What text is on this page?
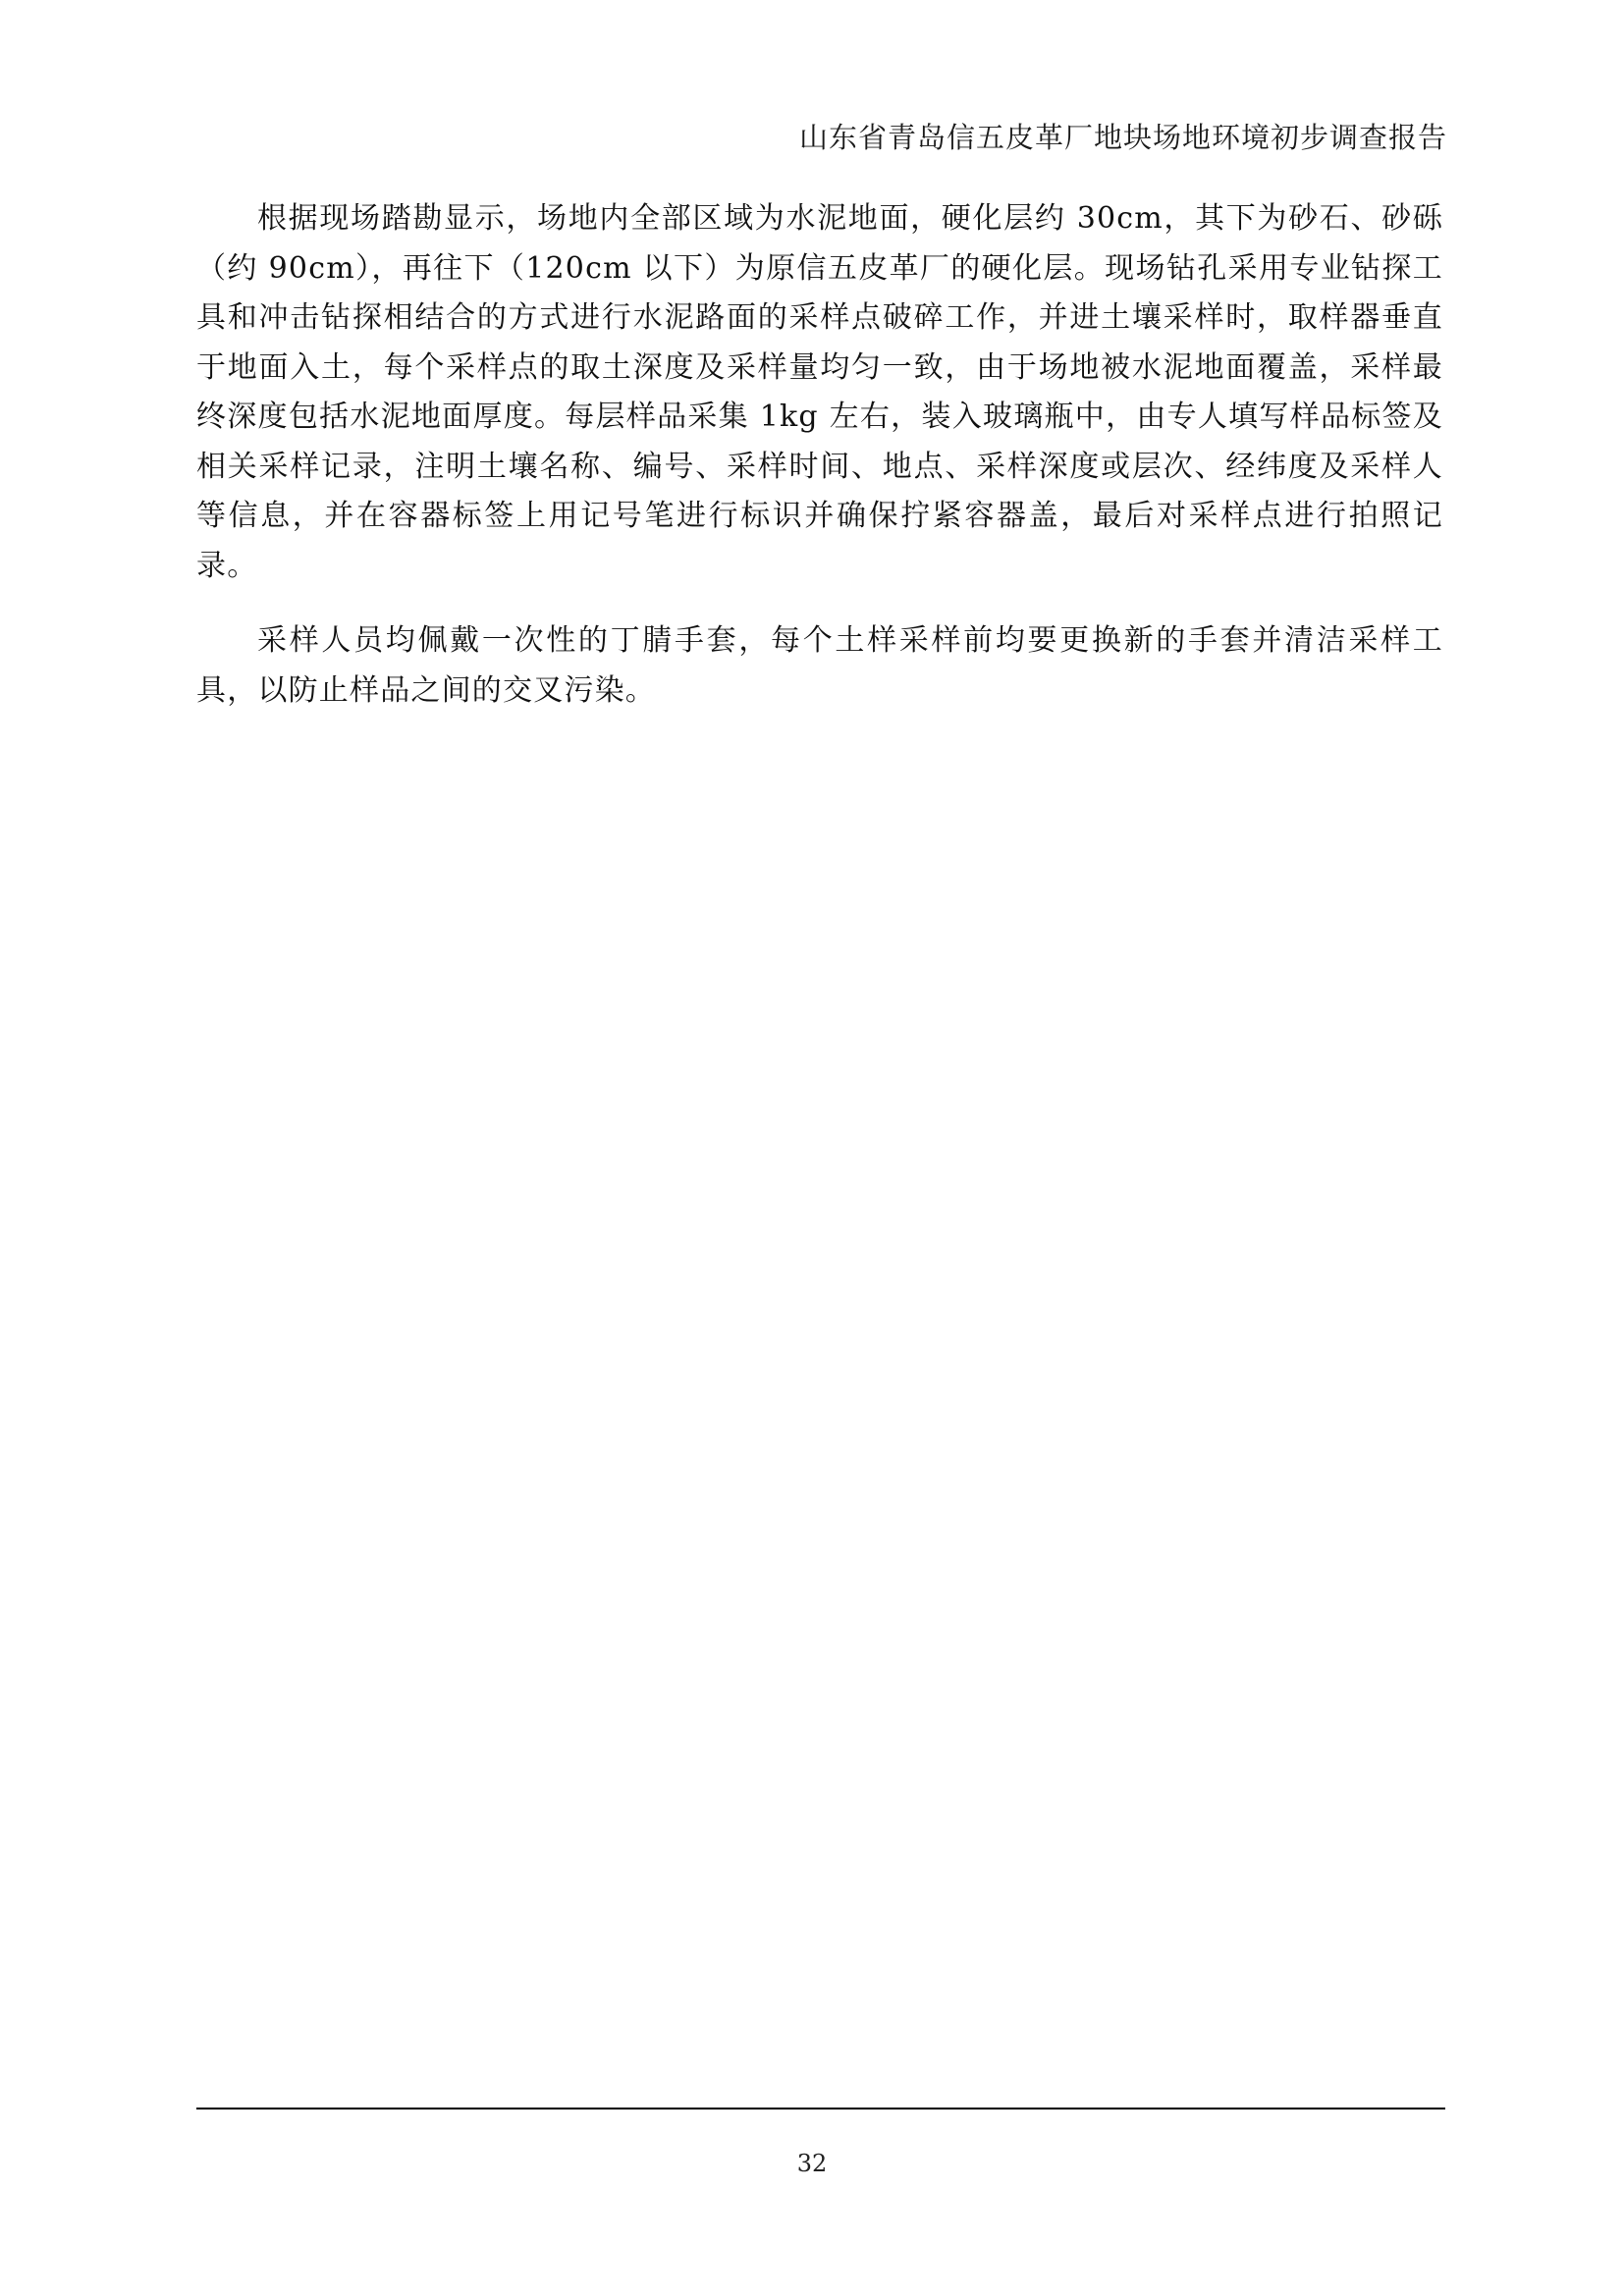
山东省青岛信五皮革厂地块场地环境初步调查报告

根据现场踏勘显示，场地内全部区域为水泥地面，硬化层约 30cm，其下为砂石、砂砾（约 90cm），再往下（120cm 以下）为原信五皮革厂的硬化层。现场钻孔采用专业钻探工具和冲击钻探相结合的方式进行水泥路面的采样点破碎工作，并进土壤采样时，取样器垂直于地面入土，每个采样点的取土深度及采样量均匀一致，由于场地被水泥地面覆盖，采样最终深度包括水泥地面厚度。每层样品采集 1kg 左右，装入玻璃瓶中，由专人填写样品标签及相关采样记录，注明土壤名称、编号、采样时间、地点、采样深度或层次、经纬度及采样人等信息，并在容器标签上用记号笔进行标识并确保拧紧容器盖，最后对采样点进行拍照记录。

采样人员均佩戴一次性的丁腈手套，每个土样采样前均要更换新的手套并清洁采样工具，以防止样品之间的交叉污染。

32
